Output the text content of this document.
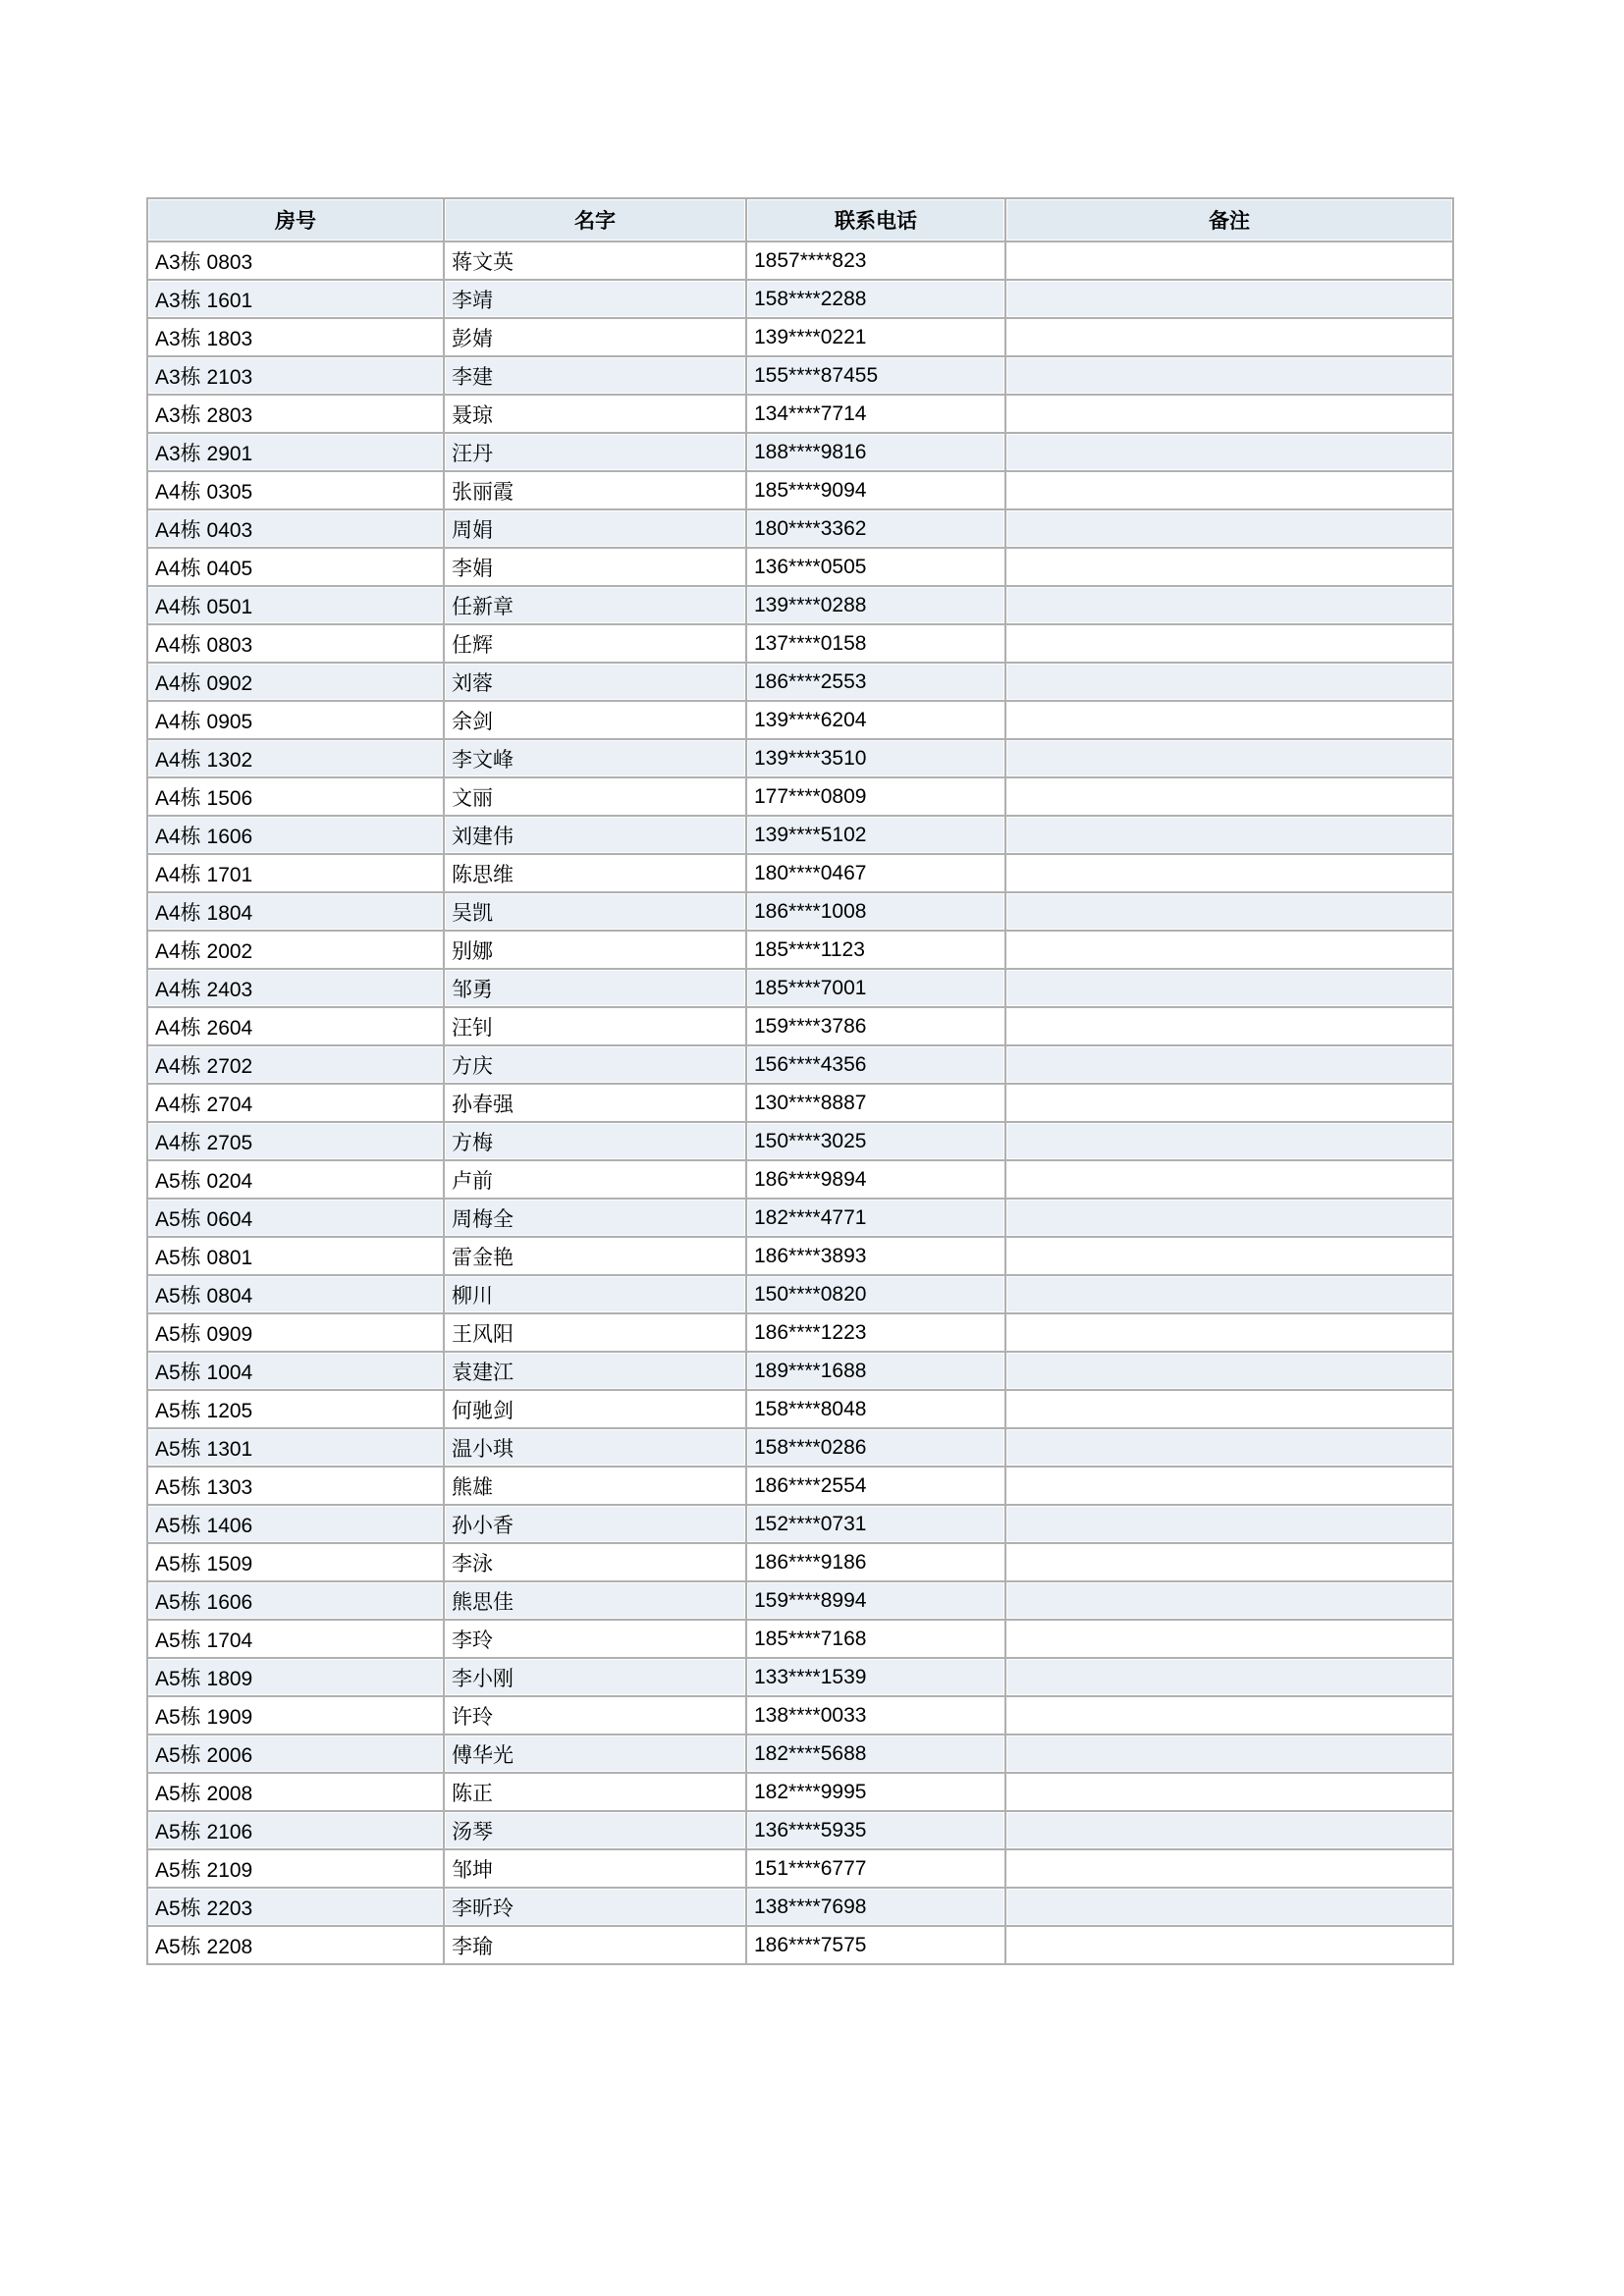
房号	名字	联系电话	备注
A3栋 0803	蒋文英	1857****823	
A3栋 1601	李靖	158****2288	
A3栋 1803	彭婧	139****0221	
A3栋 2103	李建	155****87455	
A3栋 2803	聂琼	134****7714	
A3栋 2901	汪丹	188****9816	
A4栋 0305	张丽霞	185****9094	
A4栋 0403	周娟	180****3362	
A4栋 0405	李娟	136****0505	
A4栋 0501	任新章	139****0288	
A4栋 0803	任辉	137****0158	
A4栋 0902	刘蓉	186****2553	
A4栋 0905	余剑	139****6204	
A4栋 1302	李文峰	139****3510	
A4栋 1506	文丽	177****0809	
A4栋 1606	刘建伟	139****5102	
A4栋 1701	陈思维	180****0467	
A4栋 1804	吴凯	186****1008	
A4栋 2002	别娜	185****1123	
A4栋 2403	邹勇	185****7001	
A4栋 2604	汪钊	159****3786	
A4栋 2702	方庆	156****4356	
A4栋 2704	孙春强	130****8887	
A4栋 2705	方梅	150****3025	
A5栋 0204	卢前	186****9894	
A5栋 0604	周梅全	182****4771	
A5栋 0801	雷金艳	186****3893	
A5栋 0804	柳川	150****0820	
A5栋 0909	王风阳	186****1223	
A5栋 1004	袁建江	189****1688	
A5栋 1205	何驰剑	158****8048	
A5栋 1301	温小琪	158****0286	
A5栋 1303	熊雄	186****2554	
A5栋 1406	孙小香	152****0731	
A5栋 1509	李泳	186****9186	
A5栋 1606	熊思佳	159****8994	
A5栋 1704	李玲	185****7168	
A5栋 1809	李小刚	133****1539	
A5栋 1909	许玲	138****0033	
A5栋 2006	傅华光	182****5688	
A5栋 2008	陈正	182****9995	
A5栋 2106	汤琴	136****5935	
A5栋 2109	邹坤	151****6777	
A5栋 2203	李昕玲	138****7698	
A5栋 2208	李瑜	186****7575	
